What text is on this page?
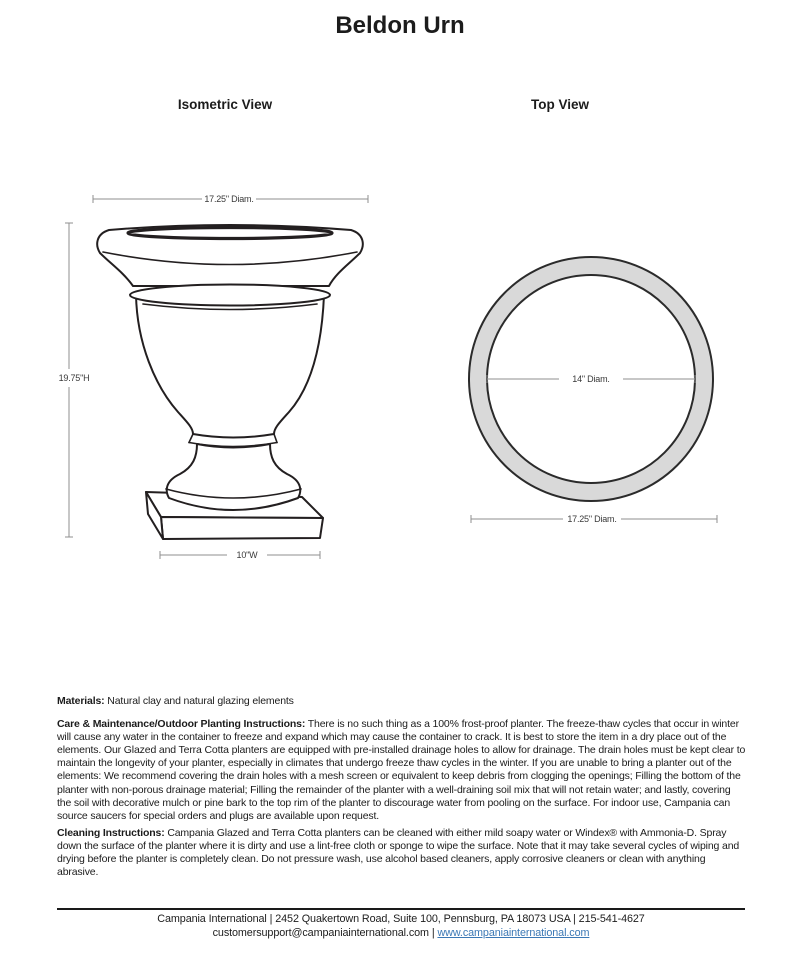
Beldon Urn
Isometric View	Top View
17.25" Diam.
19.75"H
10"W
14" Diam.
17.25" Diam.

Materials: Natural clay and natural glazing elements

Care & Maintenance/Outdoor Planting Instructions: There is no such thing as a 100% frost-proof planter. The freeze-thaw cycles that occur in winter will cause any water in the container to freeze and expand which may cause the container to crack. It is best to store the item in a dry place out of the elements. Our Glazed and Terra Cotta planters are equipped with pre-installed drainage holes to allow for drainage. The drain holes must be kept clear to maintain the longevity of your planter, especially in climates that undergo freeze thaw cycles in the winter. If you are unable to bring a planter out of the elements: We recommend covering the drain holes with a mesh screen or equivalent to keep debris from clogging the openings; Filling the bottom of the planter with non-porous drainage material; Filling the remainder of the planter with a well-draining soil mix that will not retain water; and lastly, covering the soil with decorative mulch or pine bark to the top rim of the planter to discourage water from pooling on the surface. For indoor use, Campania can source saucers for special orders and plugs are available upon request.

Cleaning Instructions: Campania Glazed and Terra Cotta planters can be cleaned with either mild soapy water or Windex® with Ammonia-D. Spray down the surface of the planter where it is dirty and use a lint-free cloth or sponge to wipe the surface. Note that it may take several cycles of wiping and drying before the planter is completely clean. Do not pressure wash, use alcohol based cleaners, apply corrosive cleaners or clean with anything abrasive.

Campania International | 2452 Quakertown Road, Suite 100, Pennsburg, PA 18073 USA | 215-541-4627
customersupport@campaniainternational.com | www.campaniainternational.com
